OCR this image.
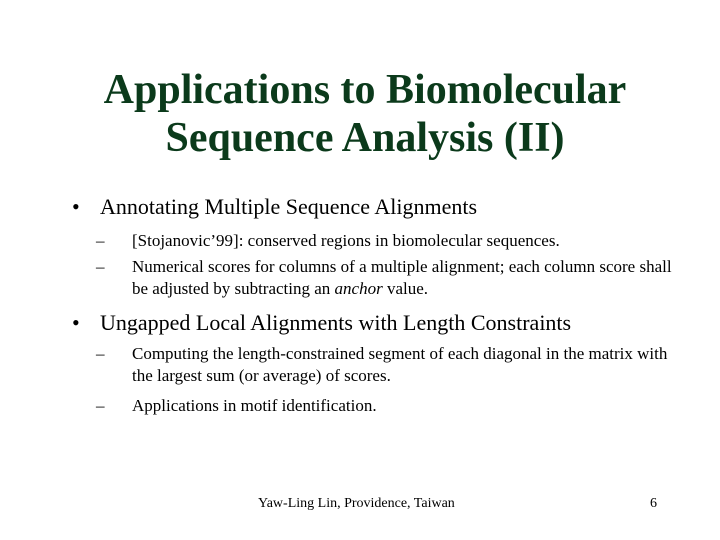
Applications to Biomolecular
Sequence Analysis (II)
• Annotating Multiple Sequence Alignments
–	[Stojanovic’99]: conserved regions in biomolecular sequences.
–	Numerical scores for columns of a multiple alignment; each column score shall be adjusted by subtracting an anchor value.
• Ungapped Local Alignments with Length Constraints
–	Computing the length-constrained segment of each diagonal in the matrix with the largest sum (or average) of scores.
–	Applications in motif identification.
Yaw-Ling Lin, Providence, Taiwan	6
